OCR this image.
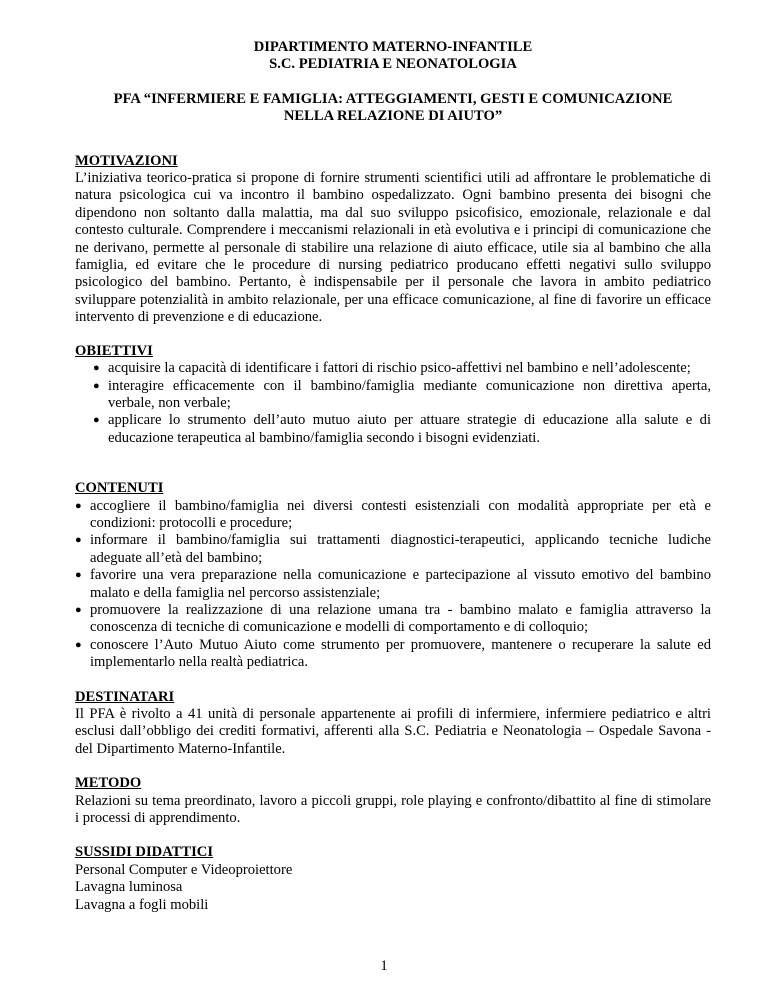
DIPARTIMENTO MATERNO-INFANTILE
S.C. PEDIATRIA E NEONATOLOGIA
PFA “INFERMIERE E FAMIGLIA: ATTEGGIAMENTI, GESTI E COMUNICAZIONE
NELLA RELAZIONE DI AIUTO”
MOTIVAZIONI

L’iniziativa teorico-pratica si propone di fornire strumenti scientifici utili ad affrontare le problematiche di natura psicologica cui va incontro il bambino ospedalizzato. Ogni bambino presenta dei bisogni che dipendono non soltanto dalla malattia, ma dal suo sviluppo psicofisico, emozionale, relazionale e dal contesto culturale. Comprendere i meccanismi relazionali in età evolutiva e i principi di comunicazione che ne derivano, permette al personale di stabilire una relazione di aiuto efficace, utile sia al bambino che alla famiglia, ed evitare che le procedure di nursing pediatrico producano effetti negativi sullo sviluppo psicologico del bambino. Pertanto, è indispensabile per il personale che lavora in ambito pediatrico sviluppare potenzialità in ambito relazionale, per una efficace comunicazione, al fine di favorire un efficace intervento di prevenzione e di educazione.

OBIETTIVI
● acquisire la capacità di identificare i fattori di rischio psico-affettivi nel bambino e nell’adolescente;
● interagire efficacemente con il bambino/famiglia mediante comunicazione non direttiva aperta, verbale, non verbale;
● applicare lo strumento dell’auto mutuo aiuto per attuare strategie di educazione alla salute e di educazione terapeutica al bambino/famiglia secondo i bisogni evidenziati.
CONTENUTI
● accogliere il bambino/famiglia nei diversi contesti esistenziali con modalità appropriate per età e condizioni: protocolli e procedure;
● informare il bambino/famiglia sui trattamenti diagnostici-terapeutici, applicando tecniche ludiche adeguate all’età del bambino;
● favorire una vera preparazione nella comunicazione e partecipazione al vissuto emotivo del bambino malato e della famiglia nel percorso assistenziale;
● promuovere la realizzazione di una relazione umana tra - bambino malato e famiglia attraverso la conoscenza di tecniche di comunicazione e modelli di comportamento e di colloquio;
● conoscere l’Auto Mutuo Aiuto come strumento per promuovere, mantenere o recuperare la salute ed implementarlo nella realtà pediatrica.
DESTINATARI

Il PFA è rivolto a 41 unità di personale appartenente ai profili di infermiere, infermiere pediatrico e altri esclusi dall’obbligo dei crediti formativi, afferenti alla S.C. Pediatria e Neonatologia – Ospedale Savona - del Dipartimento Materno-Infantile.

METODO

Relazioni su tema preordinato, lavoro a piccoli gruppi, role playing e confronto/dibattito al fine di stimolare i processi di apprendimento.

SUSSIDI DIDATTICI
Personal Computer e Videoproiettore
Lavagna luminosa
Lavagna a fogli mobili
1
